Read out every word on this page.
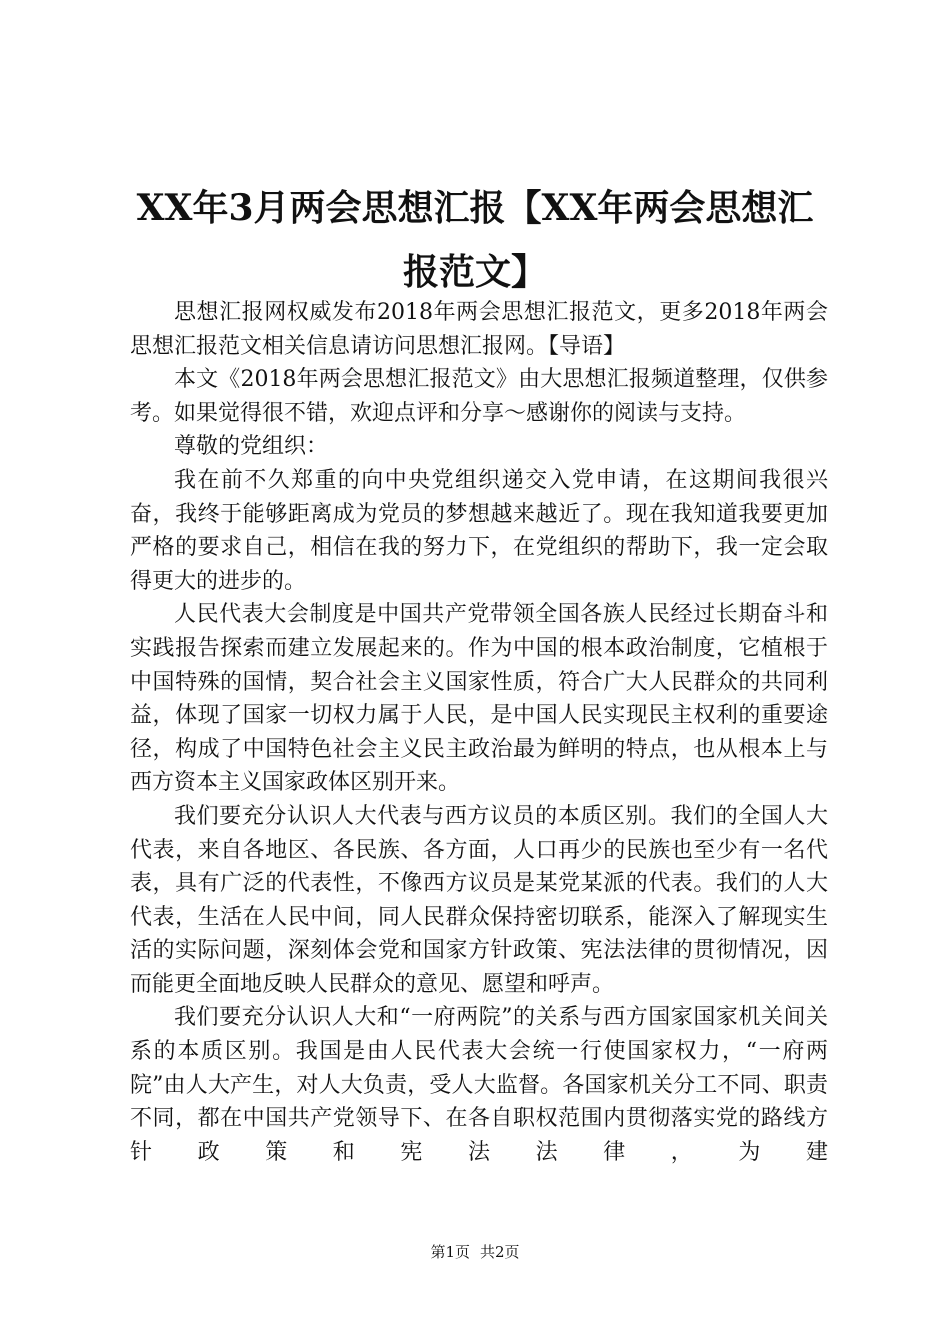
XX年3月两会思想汇报【XX年两会思想汇报范文】

思想汇报网权威发布2018年两会思想汇报范文，更多2018年两会思想汇报范文相关信息请访问思想汇报网。【导语】

本文《2018年两会思想汇报范文》由大思想汇报频道整理，仅供参考。如果觉得很不错，欢迎点评和分享～感谢你的阅读与支持。

尊敬的党组织：

我在前不久郑重的向中央党组织递交入党申请，在这期间我很兴奋，我终于能够距离成为党员的梦想越来越近了。现在我知道我要更加严格的要求自己，相信在我的努力下，在党组织的帮助下，我一定会取得更大的进步的。

人民代表大会制度是中国共产党带领全国各族人民经过长期奋斗和实践报告探索而建立发展起来的。作为中国的根本政治制度，它植根于中国特殊的国情，契合社会主义国家性质，符合广大人民群众的共同利益，体现了国家一切权力属于人民，是中国人民实现民主权利的重要途径，构成了中国特色社会主义民主政治最为鲜明的特点，也从根本上与西方资本主义国家政体区别开来。

我们要充分认识人大代表与西方议员的本质区别。我们的全国人大代表，来自各地区、各民族、各方面，人口再少的民族也至少有一名代表，具有广泛的代表性，不像西方议员是某党某派的代表。我们的人大代表，生活在人民中间，同人民群众保持密切联系，能深入了解现实生活的实际问题，深刻体会党和国家方针政策、宪法法律的贯彻情况，因而能更全面地反映人民群众的意见、愿望和呼声。

我们要充分认识人大和“一府两院”的关系与西方国家国家机关间关系的本质区别。我国是由人民代表大会统一行使国家权力，“一府两院”由人大产生，对人大负责，受人大监督。各国家机关分工不同、职责不同，都在中国共产党领导下、在各自职权范围内贯彻落实党的路线方针政策和宪法法律，为建

第1页 共2页
